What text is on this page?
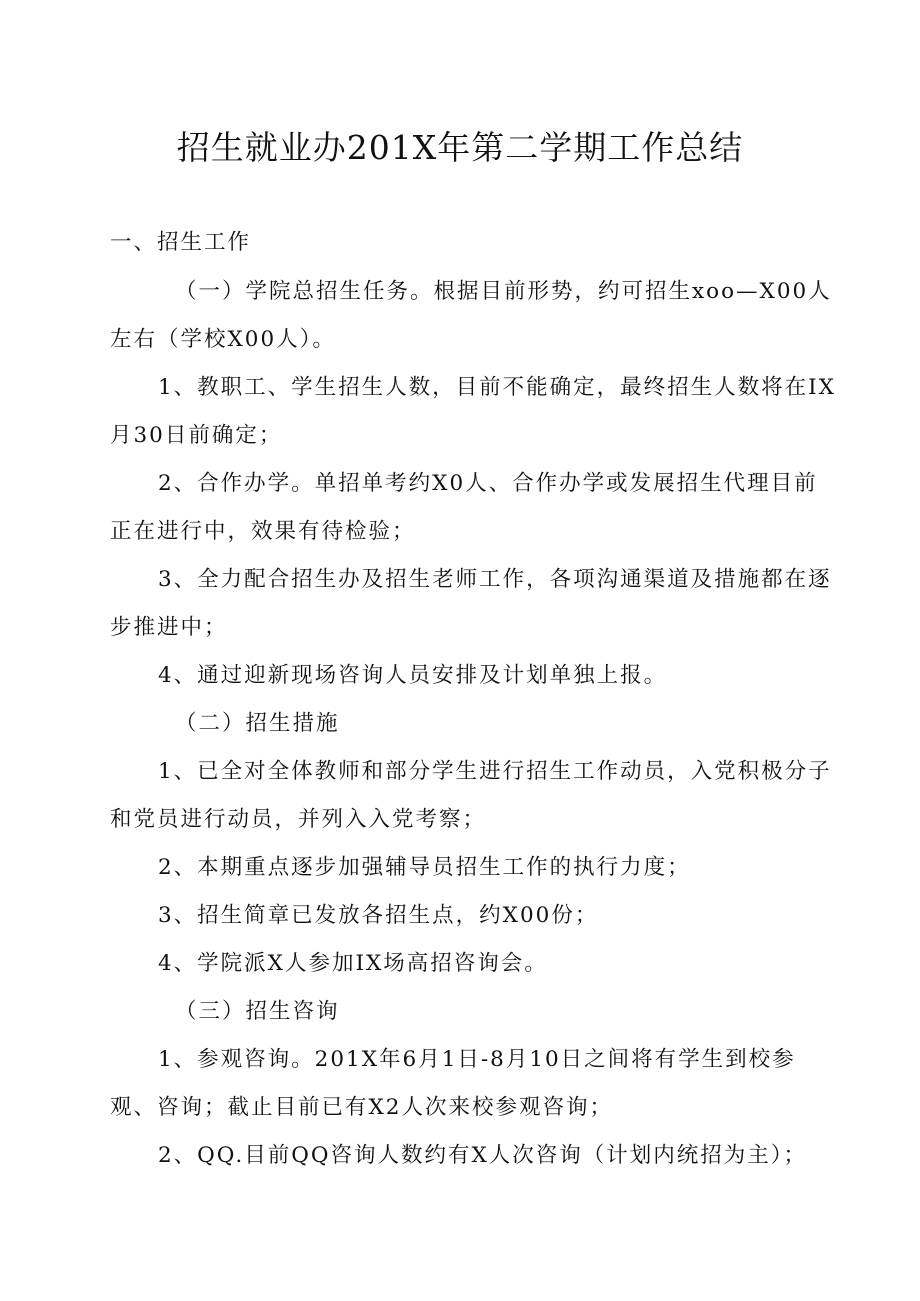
招生就业办201X年第二学期工作总结
一、招生工作
（一）学院总招生任务。根据目前形势，约可招生xoo—X00人
左右（学校X00人）。
1、教职工、学生招生人数，目前不能确定，最终招生人数将在IX
月30日前确定；
2、合作办学。单招单考约X0人、合作办学或发展招生代理目前
正在进行中，效果有待检验；
3、全力配合招生办及招生老师工作，各项沟通渠道及措施都在逐
步推进中；
4、通过迎新现场咨询人员安排及计划单独上报。
（二）招生措施
1、已全对全体教师和部分学生进行招生工作动员，入党积极分子
和党员进行动员，并列入入党考察；
2、本期重点逐步加强辅导员招生工作的执行力度；
3、招生简章已发放各招生点，约X00份；
4、学院派X人参加IX场高招咨询会。
（三）招生咨询
1、参观咨询。201X年6月1日-8月10日之间将有学生到校参
观、咨询；截止目前已有X2人次来校参观咨询；
2、QQ.目前QQ咨询人数约有X人次咨询（计划内统招为主）；
